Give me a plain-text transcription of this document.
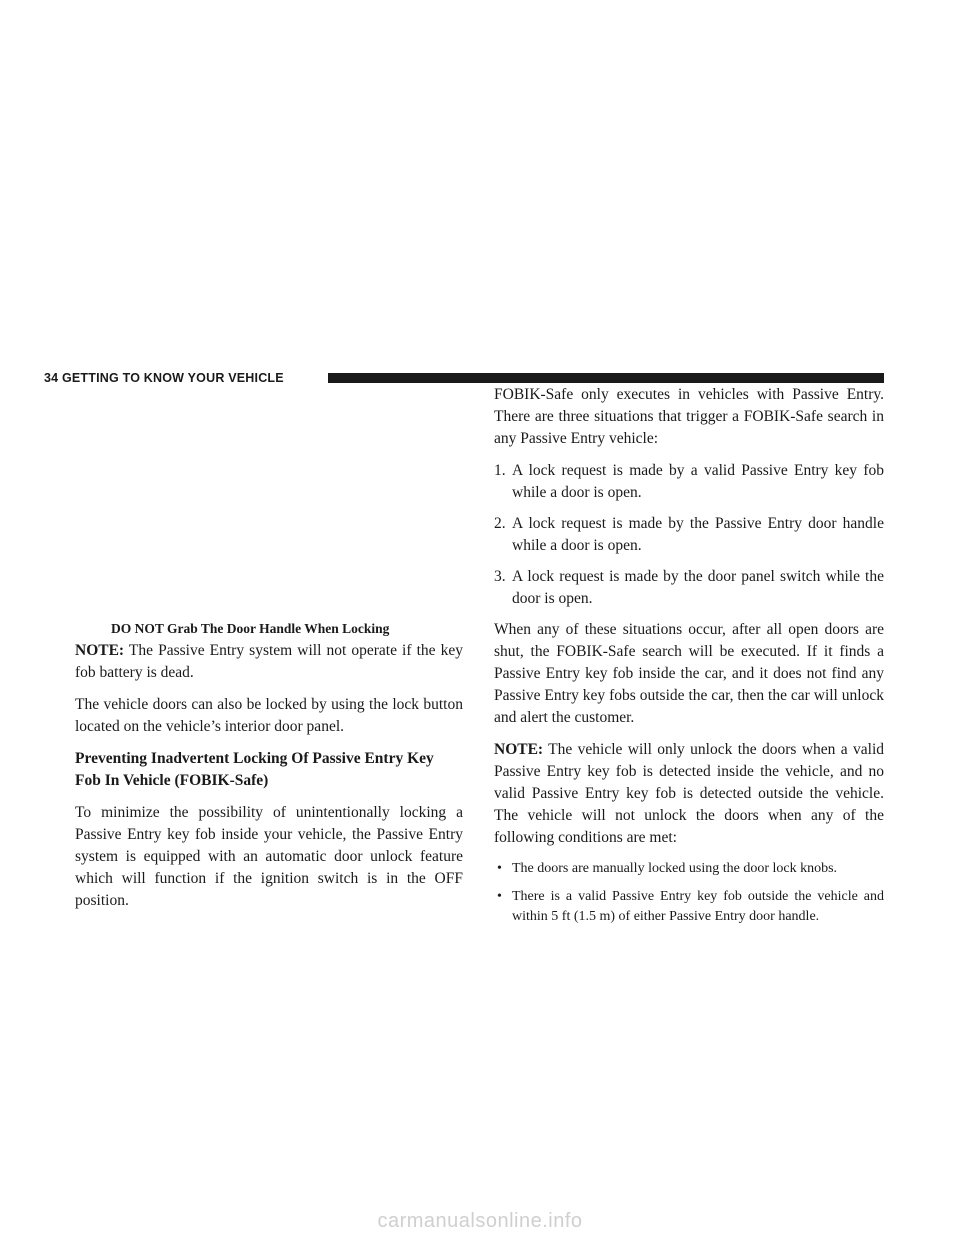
34 GETTING TO KNOW YOUR VEHICLE

DO NOT Grab The Door Handle When Locking

NOTE: The Passive Entry system will not operate if the key fob battery is dead.

The vehicle doors can also be locked by using the lock button located on the vehicle’s interior door panel.

Preventing Inadvertent Locking Of Passive Entry Key Fob In Vehicle (FOBIK-Safe)

To minimize the possibility of unintentionally locking a Passive Entry key fob inside your vehicle, the Passive Entry system is equipped with an automatic door unlock feature which will function if the ignition switch is in the OFF position.

FOBIK-Safe only executes in vehicles with Passive Entry. There are three situations that trigger a FOBIK-Safe search in any Passive Entry vehicle:

1. A lock request is made by a valid Passive Entry key fob while a door is open.
2. A lock request is made by the Passive Entry door handle while a door is open.
3. A lock request is made by the door panel switch while the door is open.

When any of these situations occur, after all open doors are shut, the FOBIK-Safe search will be executed. If it finds a Passive Entry key fob inside the car, and it does not find any Passive Entry key fobs outside the car, then the car will unlock and alert the customer.

NOTE: The vehicle will only unlock the doors when a valid Passive Entry key fob is detected inside the vehicle, and no valid Passive Entry key fob is detected outside the vehicle. The vehicle will not unlock the doors when any of the following conditions are met:

• The doors are manually locked using the door lock knobs.
• There is a valid Passive Entry key fob outside the vehicle and within 5 ft (1.5 m) of either Passive Entry door handle.
carmanualsonline.info
